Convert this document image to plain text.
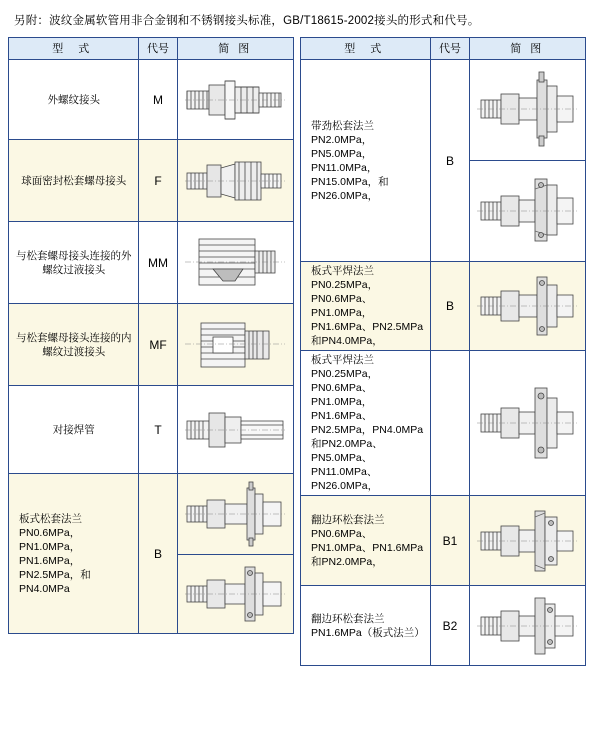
另附：波纹金属软管用非合金钢和不锈钢接头标准，GB/T18615-2002接头的形式和代号。
型 式	代号	简 图
外螺纹接头	M	

球面密封松套螺母接头	F	

与松套螺母接头连接的外螺纹过液接头	MM	

与松套螺母接头连接的内螺纹过渡接头	MF	

对接焊管	T	

板式松套法兰
PN0.6MPa，PN1.0MPa，PN1.6MPa，PN2.5MPa，和PN4.0MPa	B	
型 式	代号	简 图

带劲松套法兰
PN2.0MPa，PN5.0MPa，PN11.0MPa，PN15.0MPa，和PN26.0MPa，	B	

板式平焊法兰
PN0.25MPa，PN0.6MPa、PN1.0MPa，PN1.6MPa、PN2.5MPa和PN4.0MPa，	B	

板式平焊法兰
PN0.25MPa，PN0.6MPa、PN1.0MPa，PN1.6MPa、PN2.5MPa，PN4.0MPa 和PN2.0MPa、PN5.0MPa、PN11.0MPa、PN26.0MPa，

翻边环松套法兰
PN0.6MPa、PN1.0MPa、PN1.6MPa和PN2.0MPa，	B1	

翻边环松套法兰
PN1.6MPa（板式法兰）	B2	
